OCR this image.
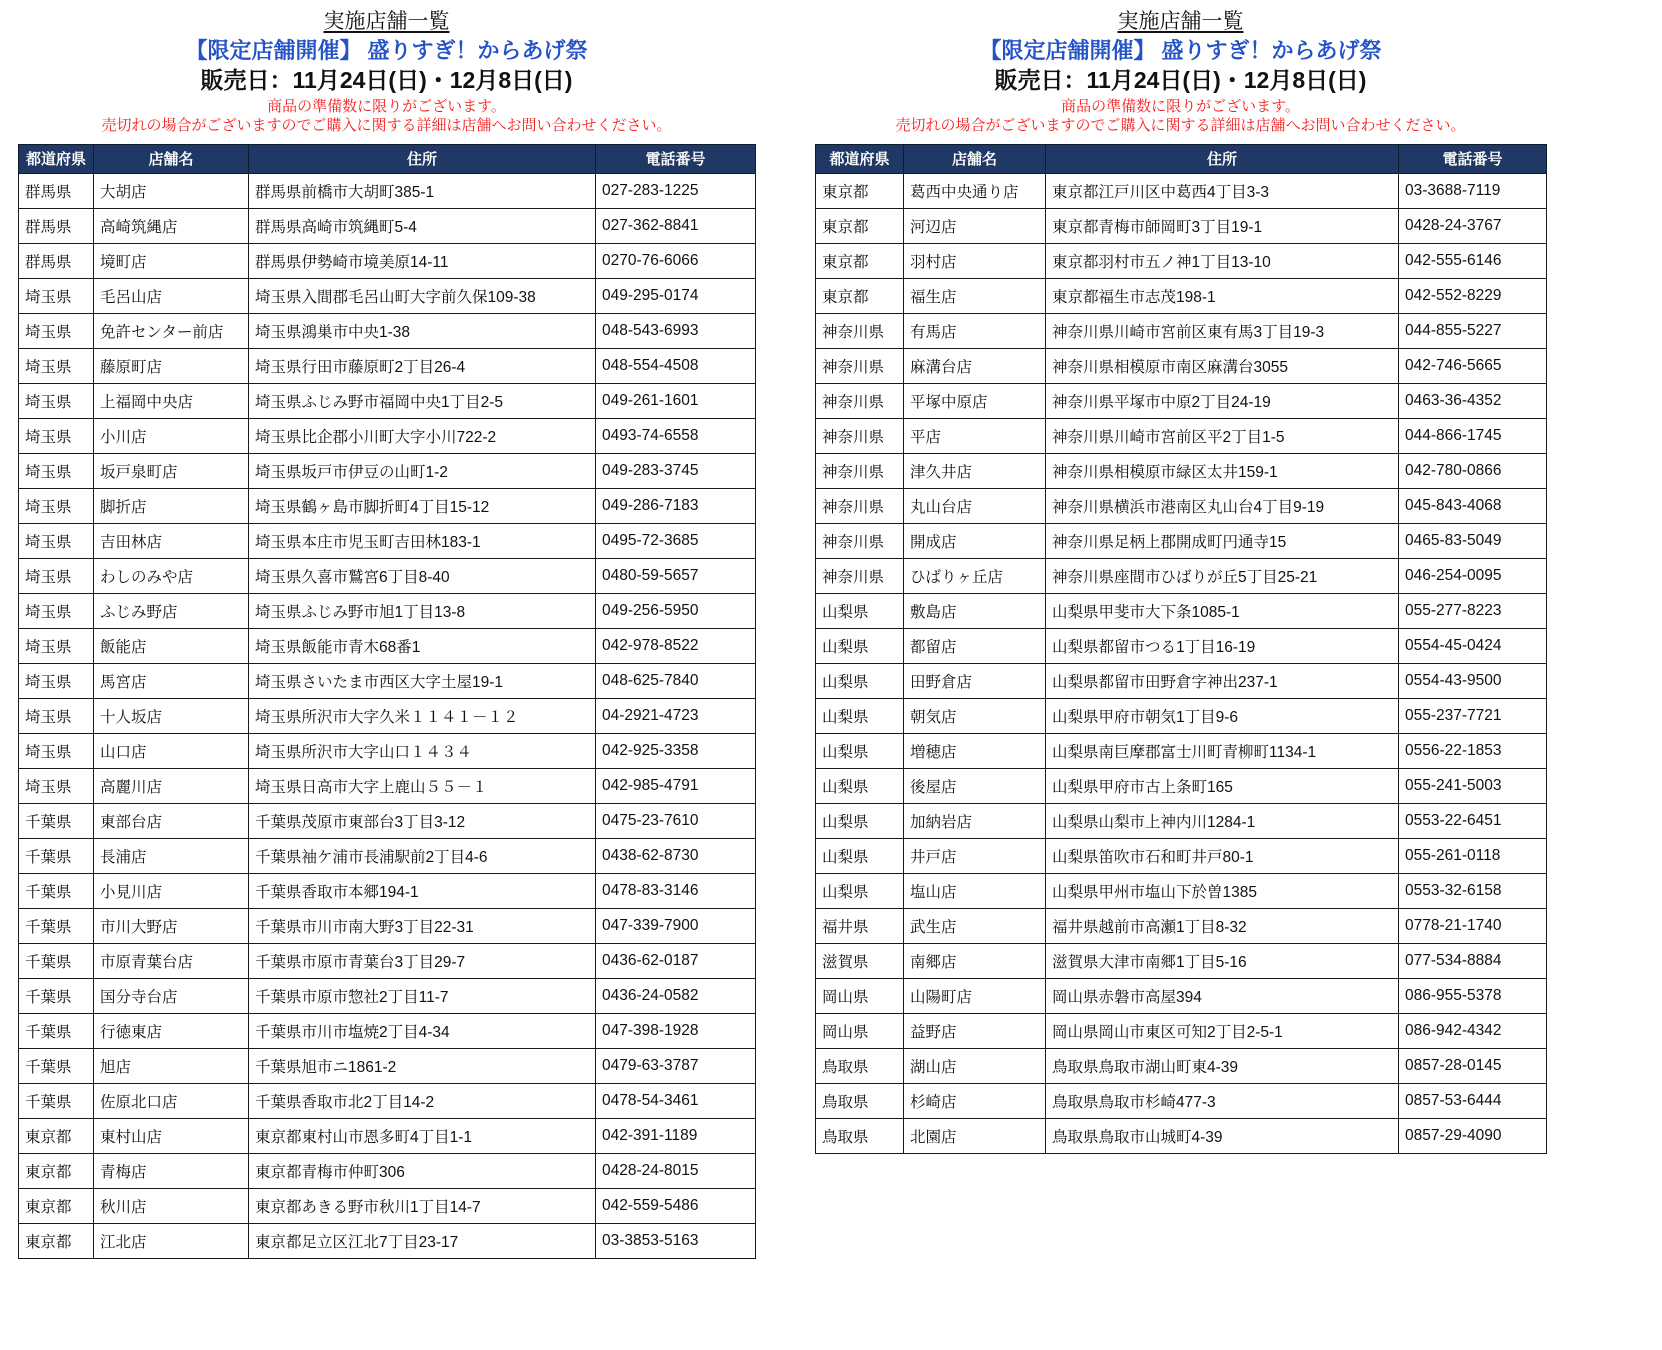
実施店舗一覧
【限定店舗開催】 盛りすぎ！からあげ祭
販売日：11月24日(日)・12月8日(日)
商品の準備数に限りがございます。
売切れの場合がございますのでご購入に関する詳細は店舗へお問い合わせください。
都道府県	店舗名	住所	電話番号
群馬県	大胡店	群馬県前橋市大胡町385-1	027-283-1225
群馬県	高崎筑縄店	群馬県高崎市筑縄町5-4	027-362-8841
群馬県	境町店	群馬県伊勢崎市境美原14-11	0270-76-6066
埼玉県	毛呂山店	埼玉県入間郡毛呂山町大字前久保109-38	049-295-0174
埼玉県	免許センター前店	埼玉県鴻巣市中央1-38	048-543-6993
埼玉県	藤原町店	埼玉県行田市藤原町2丁目26-4	048-554-4508
埼玉県	上福岡中央店	埼玉県ふじみ野市福岡中央1丁目2-5	049-261-1601
埼玉県	小川店	埼玉県比企郡小川町大字小川722-2	0493-74-6558
埼玉県	坂戸泉町店	埼玉県坂戸市伊豆の山町1-2	049-283-3745
埼玉県	脚折店	埼玉県鶴ヶ島市脚折町4丁目15-12	049-286-7183
埼玉県	吉田林店	埼玉県本庄市児玉町吉田林183-1	0495-72-3685
埼玉県	わしのみや店	埼玉県久喜市鷲宮6丁目8-40	0480-59-5657
埼玉県	ふじみ野店	埼玉県ふじみ野市旭1丁目13-8	049-256-5950
埼玉県	飯能店	埼玉県飯能市青木68番1	042-978-8522
埼玉県	馬宮店	埼玉県さいたま市西区大字土屋19-1	048-625-7840
埼玉県	十人坂店	埼玉県所沢市大字久米１１４１－１２	04-2921-4723
埼玉県	山口店	埼玉県所沢市大字山口１４３４	042-925-3358
埼玉県	高麗川店	埼玉県日高市大字上鹿山５５－１	042-985-4791
千葉県	東部台店	千葉県茂原市東部台3丁目3-12	0475-23-7610
千葉県	長浦店	千葉県袖ケ浦市長浦駅前2丁目4-6	0438-62-8730
千葉県	小見川店	千葉県香取市本郷194-1	0478-83-3146
千葉県	市川大野店	千葉県市川市南大野3丁目22-31	047-339-7900
千葉県	市原青葉台店	千葉県市原市青葉台3丁目29-7	0436-62-0187
千葉県	国分寺台店	千葉県市原市惣社2丁目11-7	0436-24-0582
千葉県	行徳東店	千葉県市川市塩焼2丁目4-34	047-398-1928
千葉県	旭店	千葉県旭市ニ1861-2	0479-63-3787
千葉県	佐原北口店	千葉県香取市北2丁目14-2	0478-54-3461
東京都	東村山店	東京都東村山市恩多町4丁目1-1	042-391-1189
東京都	青梅店	東京都青梅市仲町306	0428-24-8015
東京都	秋川店	東京都あきる野市秋川1丁目14-7	042-559-5486
東京都	江北店	東京都足立区江北7丁目23-17	03-3853-5163
実施店舗一覧
【限定店舗開催】 盛りすぎ！からあげ祭
販売日：11月24日(日)・12月8日(日)
商品の準備数に限りがございます。
売切れの場合がございますのでご購入に関する詳細は店舗へお問い合わせください。
都道府県	店舗名	住所	電話番号
東京都	葛西中央通り店	東京都江戸川区中葛西4丁目3-3	03-3688-7119
東京都	河辺店	東京都青梅市師岡町3丁目19-1	0428-24-3767
東京都	羽村店	東京都羽村市五ノ神1丁目13-10	042-555-6146
東京都	福生店	東京都福生市志茂198-1	042-552-8229
神奈川県	有馬店	神奈川県川崎市宮前区東有馬3丁目19-3	044-855-5227
神奈川県	麻溝台店	神奈川県相模原市南区麻溝台3055	042-746-5665
神奈川県	平塚中原店	神奈川県平塚市中原2丁目24-19	0463-36-4352
神奈川県	平店	神奈川県川崎市宮前区平2丁目1-5	044-866-1745
神奈川県	津久井店	神奈川県相模原市緑区太井159-1	042-780-0866
神奈川県	丸山台店	神奈川県横浜市港南区丸山台4丁目9-19	045-843-4068
神奈川県	開成店	神奈川県足柄上郡開成町円通寺15	0465-83-5049
神奈川県	ひばりヶ丘店	神奈川県座間市ひばりが丘5丁目25-21	046-254-0095
山梨県	敷島店	山梨県甲斐市大下条1085-1	055-277-8223
山梨県	都留店	山梨県都留市つる1丁目16-19	0554-45-0424
山梨県	田野倉店	山梨県都留市田野倉字神出237-1	0554-43-9500
山梨県	朝気店	山梨県甲府市朝気1丁目9-6	055-237-7721
山梨県	増穂店	山梨県南巨摩郡富士川町青柳町1134-1	0556-22-1853
山梨県	後屋店	山梨県甲府市古上条町165	055-241-5003
山梨県	加納岩店	山梨県山梨市上神内川1284-1	0553-22-6451
山梨県	井戸店	山梨県笛吹市石和町井戸80-1	055-261-0118
山梨県	塩山店	山梨県甲州市塩山下於曽1385	0553-32-6158
福井県	武生店	福井県越前市高瀬1丁目8-32	0778-21-1740
滋賀県	南郷店	滋賀県大津市南郷1丁目5-16	077-534-8884
岡山県	山陽町店	岡山県赤磐市高屋394	086-955-5378
岡山県	益野店	岡山県岡山市東区可知2丁目2-5-1	086-942-4342
鳥取県	湖山店	鳥取県鳥取市湖山町東4-39	0857-28-0145
鳥取県	杉崎店	鳥取県鳥取市杉崎477-3	0857-53-6444
鳥取県	北園店	鳥取県鳥取市山城町4-39	0857-29-4090
